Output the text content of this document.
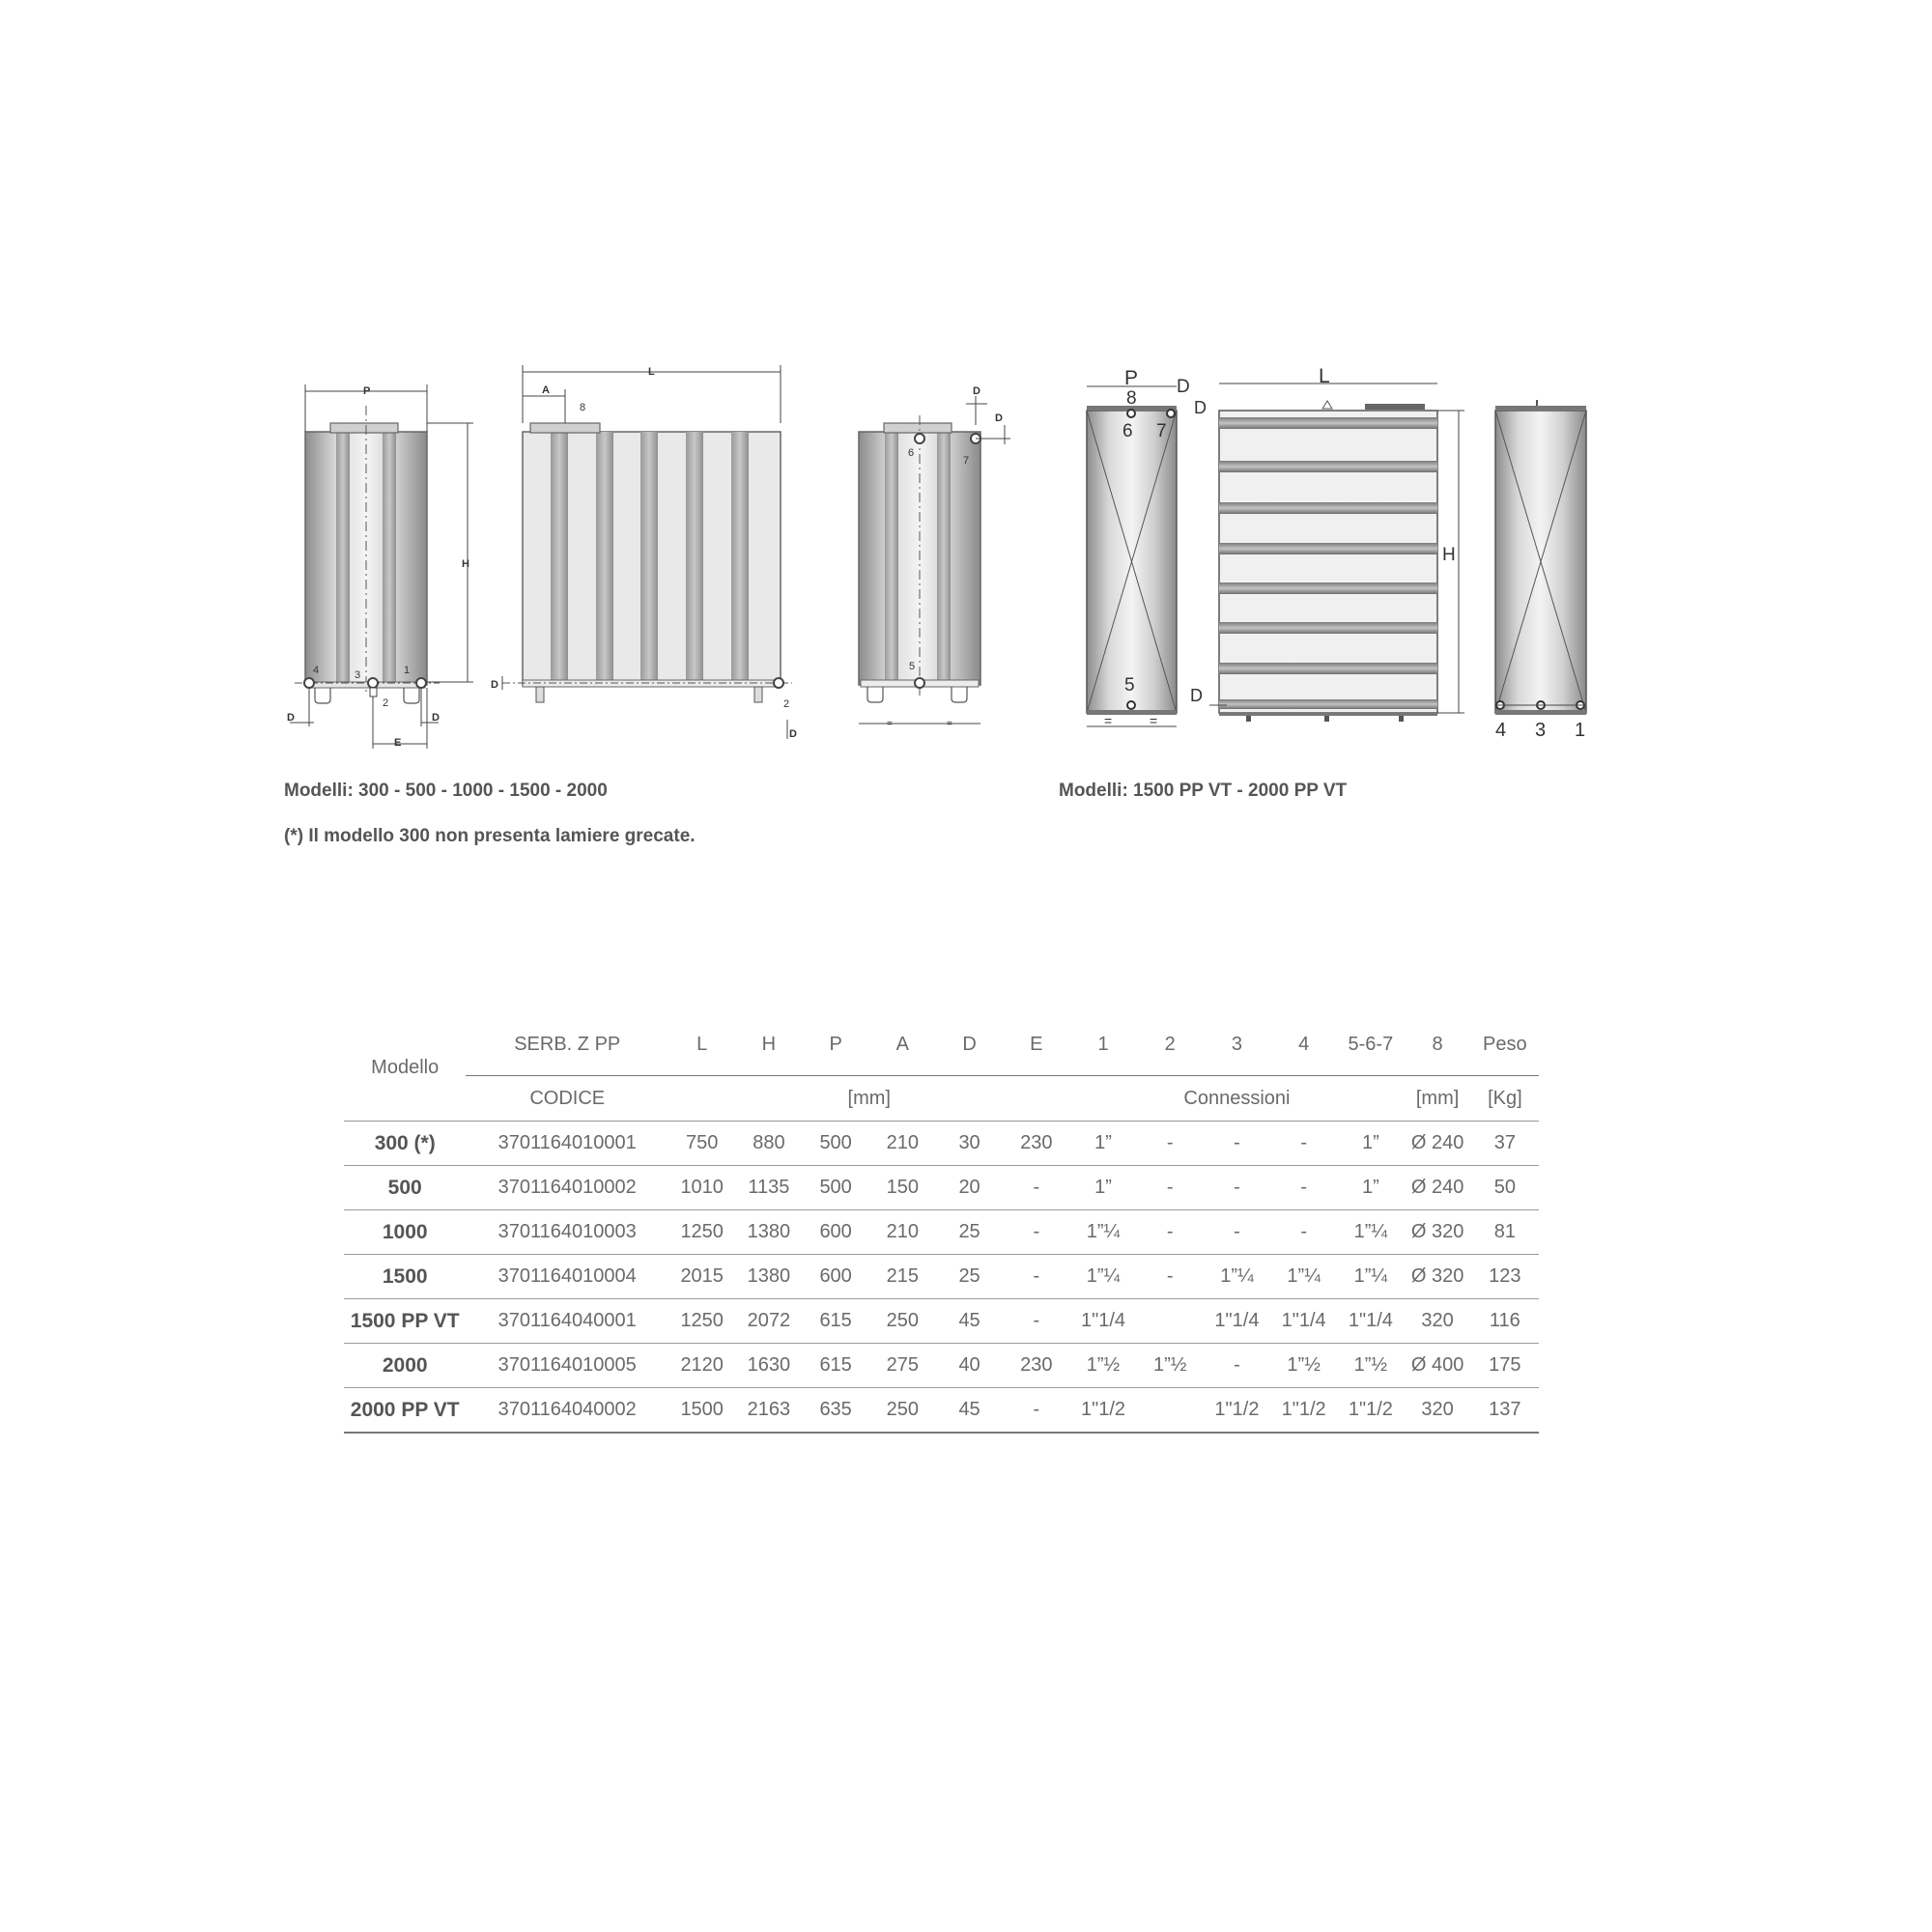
P
H
D	D
E
4	3	1
2
L
A
8
D
2
D
D
D
6
7
5
=	=
P
8
D
D
6 7
5	D
=	=
L
H
4 3 1
Modelli: 300 - 500 - 1000 - 1500 - 2000	Modelli: 1500 PP VT - 2000 PP VT
(*) Il modello 300 non presenta lamiere grecate.
Modello	SERB. Z PP	L	H	P	A	D	E	1	2	3	4	5-6-7	8	Peso
	CODICE	[mm]						Connessioni					[mm]	[Kg]
300 (*)	3701164010001	750	880	500	210	30	230	1”	-	-	-	1”	Ø 240	37
500	3701164010002	1010	1135	500	150	20	-	1”	-	-	-	1”	Ø 240	50
1000	3701164010003	1250	1380	600	210	25	-	1”¼	-	-	-	1”¼	Ø 320	81
1500	3701164010004	2015	1380	600	215	25	-	1”¼	-	1”¼	1”¼	1”¼	Ø 320	123
1500 PP VT	3701164040001	1250	2072	615	250	45	-	1"1/4		1"1/4	1"1/4	1"1/4	320	116
2000	3701164010005	2120	1630	615	275	40	230	1”½	1”½	-	1”½	1”½	Ø 400	175
2000 PP VT	3701164040002	1500	2163	635	250	45	-	1"1/2		1"1/2	1"1/2	1"1/2	320	137
